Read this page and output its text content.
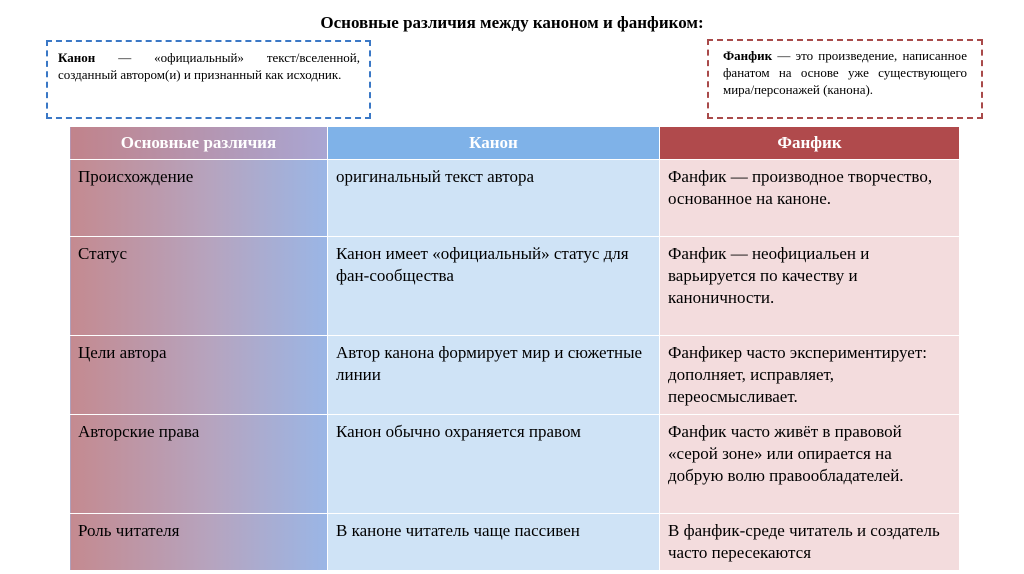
Основные различия между каноном и фанфиком:
Канон — «официальный» текст/вселенной, созданный автором(и) и признанный как исходник.
Фанфик — это произведение, написанное фанатом на основе уже существующего мира/персонажей (канона).
Основные различия	Канон	Фанфик
Происхождение	оригинальный текст автора	Фанфик — производное творчество, основанное на каноне.
Статус	Канон имеет «официальный» статус для фан-сообщества	Фанфик — неофициальен и варьируется по качеству и каноничности.
Цели автора	Автор канона формирует мир и сюжетные линии	Фанфикер часто экспериментирует: дополняет, исправляет, переосмысливает.
Авторские права	Канон обычно охраняется правом	Фанфик часто живёт в правовой «серой зоне» или опирается на добрую волю правообладателей.
Роль читателя	В каноне читатель чаще пассивен	В фанфик-среде читатель и создатель часто пересекаются
